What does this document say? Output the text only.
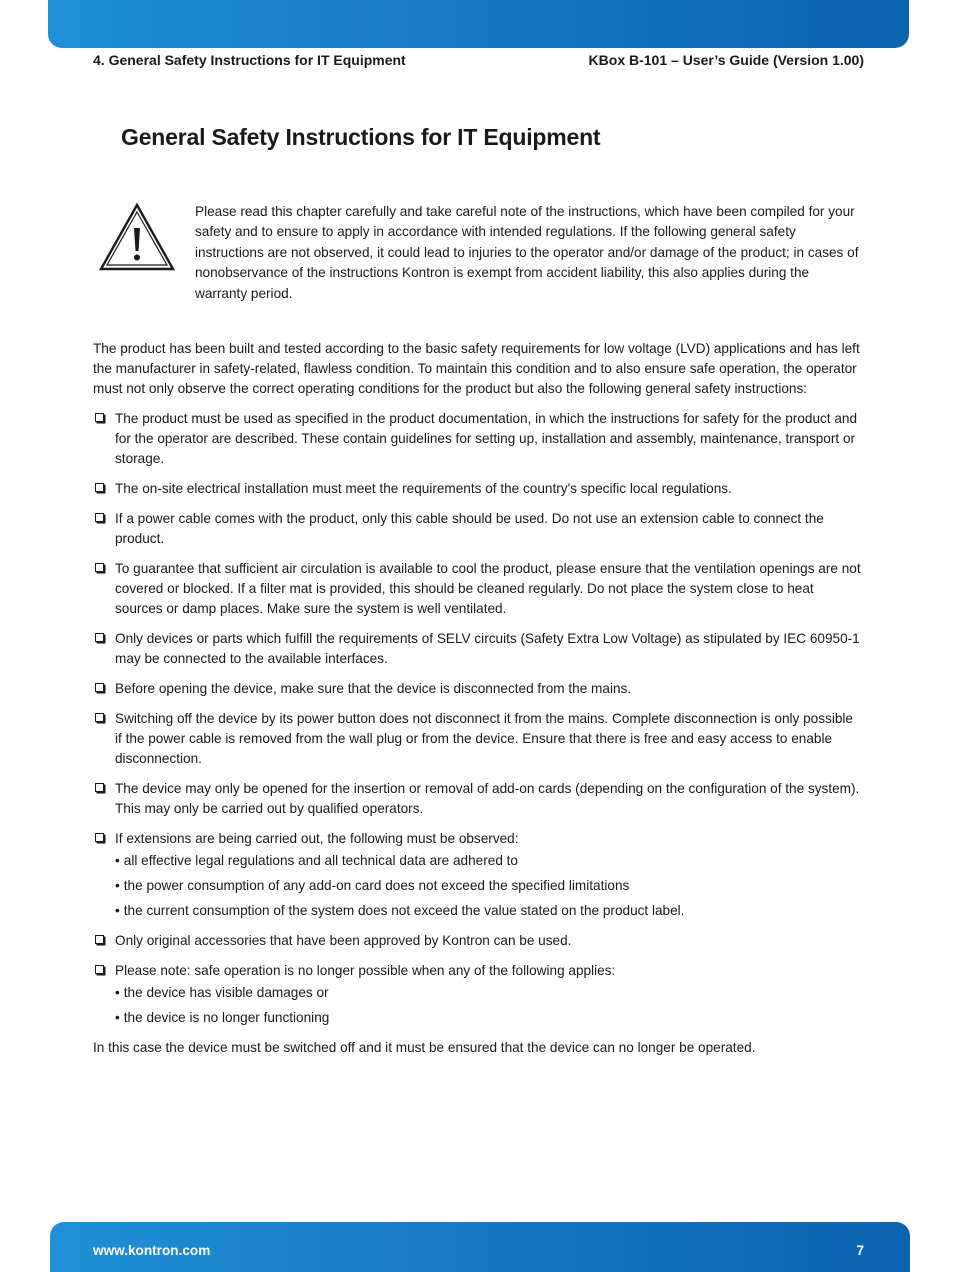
4. General Safety Instructions for IT Equipment	KBox B-101 – User’s Guide (Version 1.00)
General Safety Instructions for IT Equipment
Please read this chapter carefully and take careful note of the instructions, which have been compiled for your safety and to ensure to apply in accordance with intended regulations. If the following general safety instructions are not observed, it could lead to injuries to the operator and/or damage of the product; in cases of nonobservance of the instructions Kontron is exempt from accident liability, this also applies during the warranty period.

The product has been built and tested according to the basic safety requirements for low voltage (LVD) applications and has left the manufacturer in safety-related, flawless condition. To maintain this condition and to also ensure safe operation, the operator must not only observe the correct operating conditions for the product but also the following general safety instructions:

The product must be used as specified in the product documentation, in which the instructions for safety for the product and for the operator are described. These contain guidelines for setting up, installation and assembly, maintenance, transport or storage.
The on-site electrical installation must meet the requirements of the country's specific local regulations.
If a power cable comes with the product, only this cable should be used. Do not use an extension cable to connect the product.
To guarantee that sufficient air circulation is available to cool the product, please ensure that the ventilation openings are not covered or blocked. If a filter mat is provided, this should be cleaned regularly. Do not place the system close to heat sources or damp places. Make sure the system is well ventilated.
Only devices or parts which fulfill the requirements of SELV circuits (Safety Extra Low Voltage) as stipulated by IEC 60950-1 may be connected to the available interfaces.
Before opening the device, make sure that the device is disconnected from the mains.
Switching off the device by its power button does not disconnect it from the mains. Complete disconnection is only possible if the power cable is removed from the wall plug or from the device. Ensure that there is free and easy access to enable disconnection.
The device may only be opened for the insertion or removal of add-on cards (depending on the configuration of the system). This may only be carried out by qualified operators.
If extensions are being carried out, the following must be observed:
• all effective legal regulations and all technical data are adhered to
• the power consumption of any add-on card does not exceed the specified limitations
• the current consumption of the system does not exceed the value stated on the product label.
Only original accessories that have been approved by Kontron can be used.
Please note: safe operation is no longer possible when any of the following applies:
• the device has visible damages or
• the device is no longer functioning

In this case the device must be switched off and it must be ensured that the device can no longer be operated.

www.kontron.com	7
